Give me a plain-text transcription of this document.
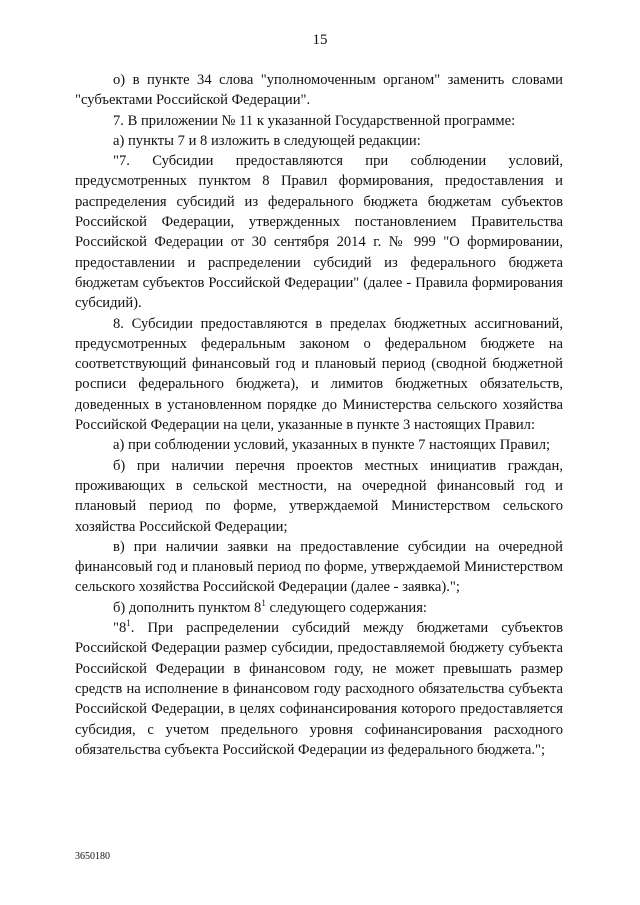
15

о) в пункте 34 слова "уполномоченным органом" заменить словами "субъектами Российской Федерации".

7. В приложении № 11 к указанной Государственной программе:

а) пункты 7 и 8 изложить в следующей редакции:

"7. Субсидии предоставляются при соблюдении условий, предусмотренных пунктом 8 Правил формирования, предоставления и распределения субсидий из федерального бюджета бюджетам субъектов Российской Федерации, утвержденных постановлением Правительства Российской Федерации от 30 сентября 2014 г. № 999 "О формировании, предоставлении и распределении субсидий из федерального бюджета бюджетам субъектов Российской Федерации" (далее - Правила формирования субсидий).

8. Субсидии предоставляются в пределах бюджетных ассигнований, предусмотренных федеральным законом о федеральном бюджете на соответствующий финансовый год и плановый период (сводной бюджетной росписи федерального бюджета), и лимитов бюджетных обязательств, доведенных в установленном порядке до Министерства сельского хозяйства Российской Федерации на цели, указанные в пункте 3 настоящих Правил:

а) при соблюдении условий, указанных в пункте 7 настоящих Правил;

б) при наличии перечня проектов местных инициатив граждан, проживающих в сельской местности, на очередной финансовый год и плановый период по форме, утверждаемой Министерством сельского хозяйства Российской Федерации;

в) при наличии заявки на предоставление субсидии на очередной финансовый год и плановый период по форме, утверждаемой Министерством сельского хозяйства Российской Федерации (далее - заявка).";

б) дополнить пунктом $8^1$ следующего содержания:

"$8^1$. При распределении субсидий между бюджетами субъектов Российской Федерации размер субсидии, предоставляемой бюджету субъекта Российской Федерации в финансовом году, не может превышать размер средств на исполнение в финансовом году расходного обязательства субъекта Российской Федерации, в целях софинансирования которого предоставляется субсидия, с учетом предельного уровня софинансирования расходного обязательства субъекта Российской Федерации из федерального бюджета.";

3650180
